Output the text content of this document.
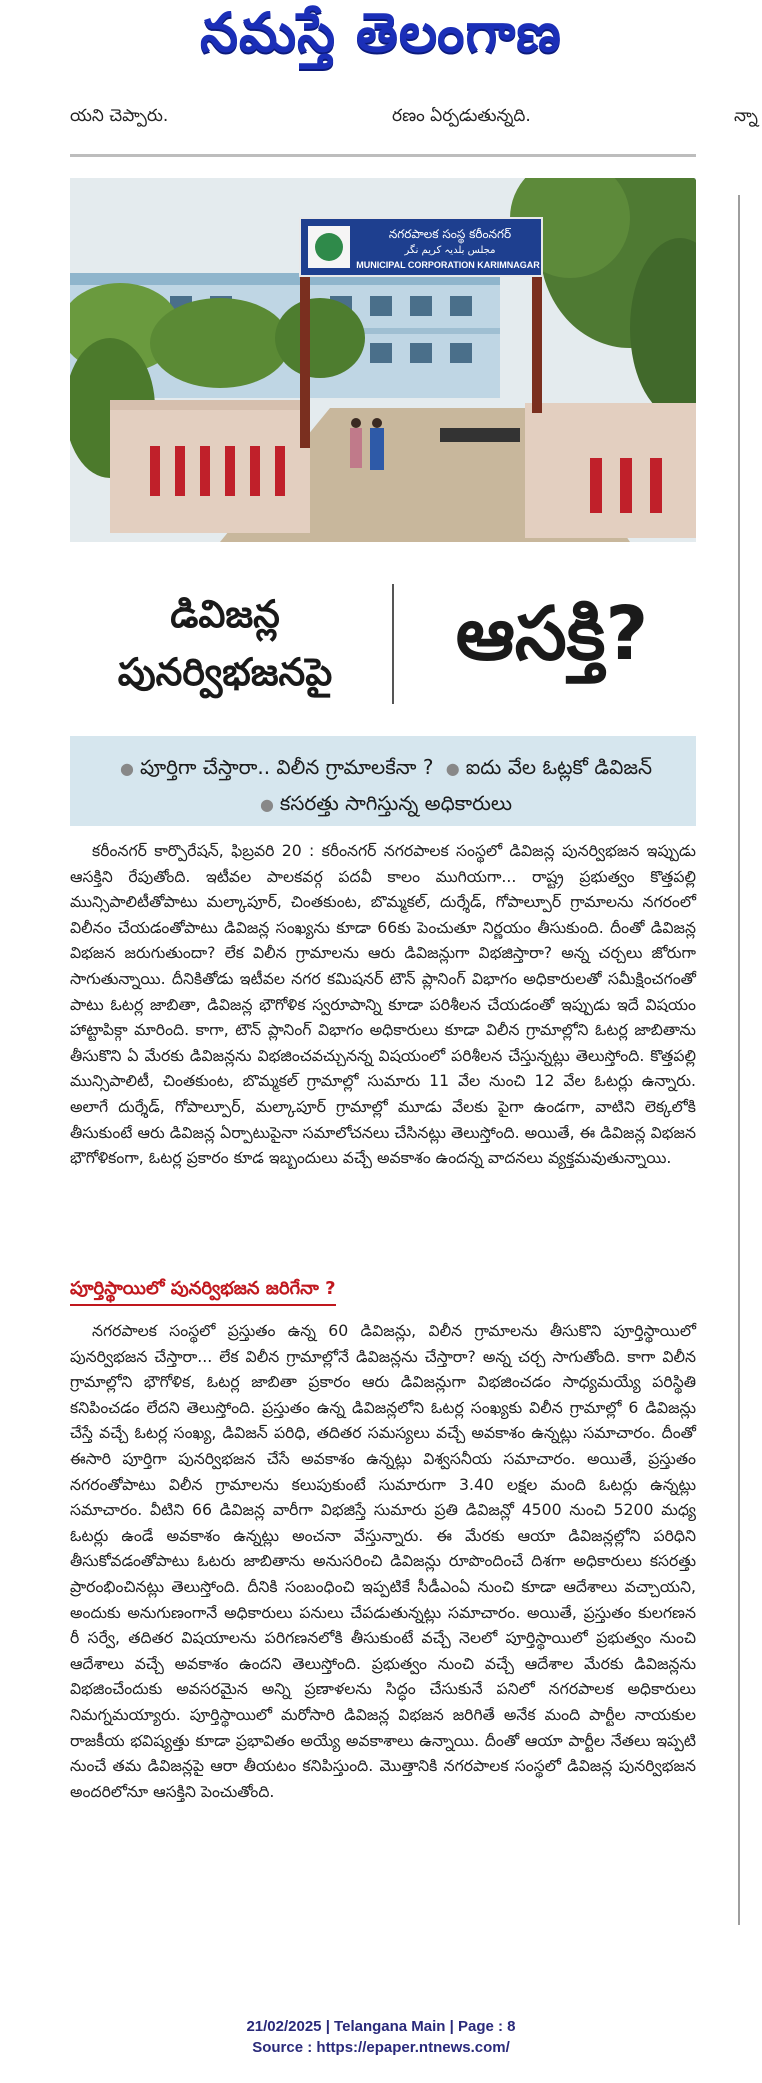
నమస్తే తెలంగాణ
యని చెప్పారు.	రణం ఏర్పడుతున్నది.	న్నా
నగరపాలక సంస్థ కరీంనగర్
مجلس بلدیہ کریم نگر
MUNICIPAL CORPORATION KARIMNAGAR
డివిజన్ల
పునర్విభజనపై	ఆసక్తి?
● పూర్తిగా చేస్తారా.. విలీన గ్రామాలకేనా ? ● ఐదు వేల ఓట్లకో డివిజన్ ● కసరత్తు సాగిస్తున్న అధికారులు

కరీంనగర్ కార్పొరేషన్, ఫిబ్రవరి 20 : కరీంనగర్ నగరపాలక సంస్థలో డివిజన్ల పునర్విభజన ఇప్పుడు ఆసక్తిని రేపుతోంది. ఇటీవల పాలకవర్గ పదవీ కాలం ముగియగా... రాష్ట్ర ప్రభుత్వం కొత్తపల్లి మున్సిపాలిటీతోపాటు మల్కాపూర్, చింతకుంట, బొమ్మకల్, దుర్శేడ్, గోపాల్పూర్ గ్రామాలను నగరంలో విలీనం చేయడంతోపాటు డివిజన్ల సంఖ్యను కూడా 66కు పెంచుతూ నిర్ణయం తీసుకుంది. దీంతో డివిజన్ల విభజన జరుగుతుందా? లేక విలీన గ్రామాలను ఆరు డివిజన్లుగా విభజిస్తారా? అన్న చర్చలు జోరుగా సాగుతున్నాయి. దీనికితోడు ఇటీవల నగర కమిషనర్ టౌన్ ప్లానింగ్ విభాగం అధికారులతో సమీక్షించగంతో పాటు ఓటర్ల జాబితా, డివిజన్ల భౌగోళిక స్వరూపాన్ని కూడా పరిశీలన చేయడంతో ఇప్పుడు ఇదే విషయం హాట్టాపిక్గా మారింది. కాగా, టౌన్ ప్లానింగ్ విభాగం అధికారులు కూడా విలీన గ్రామాల్లోని ఓటర్ల జాబితాను తీసుకొని ఏ మేరకు డివిజన్లను విభజించవచ్చునన్న విషయంలో పరిశీలన చేస్తున్నట్లు తెలుస్తోంది. కొత్తపల్లి మున్సిపాలిటీ, చింతకుంట, బొమ్మకల్ గ్రామాల్లో సుమారు 11 వేల నుంచి 12 వేల ఓటర్లు ఉన్నారు. అలాగే దుర్శేడ్, గోపాల్పూర్, మల్కాపూర్ గ్రామాల్లో మూడు వేలకు పైగా ఉండగా, వాటిని లెక్కలోకి తీసుకుంటే ఆరు డివిజన్ల ఏర్పాటుపైనా సమాలోచనలు చేసినట్లు తెలుస్తోంది. అయితే, ఈ డివిజన్ల విభజన భౌగోళికంగా, ఓటర్ల ప్రకారం కూడ ఇబ్బందులు వచ్చే అవకాశం ఉందన్న వాదనలు వ్యక్తమవుతున్నాయి.

పూర్తిస్థాయిలో పునర్విభజన జరిగేనా ?

నగరపాలక సంస్థలో ప్రస్తుతం ఉన్న 60 డివిజన్లు, విలీన గ్రామాలను తీసుకొని పూర్తిస్థాయిలో పునర్విభజన చేస్తారా... లేక విలీన గ్రామాల్లోనే డివిజన్లను చేస్తారా? అన్న చర్చ సాగుతోంది. కాగా విలీన గ్రామాల్లోని భౌగోళిక, ఓటర్ల జాబితా ప్రకారం ఆరు డివిజన్లుగా విభజించడం సాధ్యమయ్యే పరిస్థితి కనిపించడం లేదని తెలుస్తోంది. ప్రస్తుతం ఉన్న డివిజన్లలోని ఓటర్ల సంఖ్యకు విలీన గ్రామాల్లో 6 డివిజన్లు చేస్తే వచ్చే ఓటర్ల సంఖ్య, డివిజన్ పరిధి, తదితర సమస్యలు వచ్చే అవకాశం ఉన్నట్లు సమాచారం. దీంతో ఈసారి పూర్తిగా పునర్విభజన చేసే అవకాశం ఉన్నట్లు విశ్వసనీయ సమాచారం. అయితే, ప్రస్తుతం నగరంతోపాటు విలీన గ్రామాలను కలుపుకుంటే సుమారుగా 3.40 లక్షల మంది ఓటర్లు ఉన్నట్లు సమాచారం. వీటిని 66 డివిజన్ల వారీగా విభజిస్తే సుమారు ప్రతి డివిజన్లో 4500 నుంచి 5200 మధ్య ఓటర్లు ఉండే అవకాశం ఉన్నట్లు అంచనా వేస్తున్నారు. ఈ మేరకు ఆయా డివిజన్లల్లోని పరిధిని తీసుకోవడంతోపాటు ఓటరు జాబితాను అనుసరించి డివిజన్లు రూపొందించే దిశగా అధికారులు కసరత్తు ప్రారంభించినట్లు తెలుస్తోంది. దీనికి సంబంధించి ఇప్పటికే సీడీఎంఏ నుంచి కూడా ఆదేశాలు వచ్చాయని, అందుకు అనుగుణంగానే అధికారులు పనులు చేపడుతున్నట్లు సమాచారం. అయితే, ప్రస్తుతం కులగణన రీ సర్వే, తదితర విషయాలను పరిగణనలోకి తీసుకుంటే వచ్చే నెలలో పూర్తిస్థాయిలో ప్రభుత్వం నుంచి ఆదేశాలు వచ్చే అవకాశం ఉందని తెలుస్తోంది. ప్రభుత్వం నుంచి వచ్చే ఆదేశాల మేరకు డివిజన్లను విభజించేందుకు అవసరమైన అన్ని ప్రణాళలను సిద్ధం చేసుకునే పనిలో నగరపాలక అధికారులు నిమగ్నమయ్యారు. పూర్తిస్థాయిలో మరోసారి డివిజన్ల విభజన జరిగితే అనేక మంది పార్టీల నాయకుల రాజకీయ భవిష్యత్తు కూడా ప్రభావితం అయ్యే అవకాశాలు ఉన్నాయి. దీంతో ఆయా పార్టీల నేతలు ఇప్పటి నుంచే తమ డివిజన్లపై ఆరా తీయటం కనిపిస్తుంది. మొత్తానికి నగరపాలక సంస్థలో డివిజన్ల పునర్విభజన అందరిలోనూ ఆసక్తిని పెంచుతోంది.

21/02/2025 | Telangana Main | Page : 8
Source : https://epaper.ntnews.com/
